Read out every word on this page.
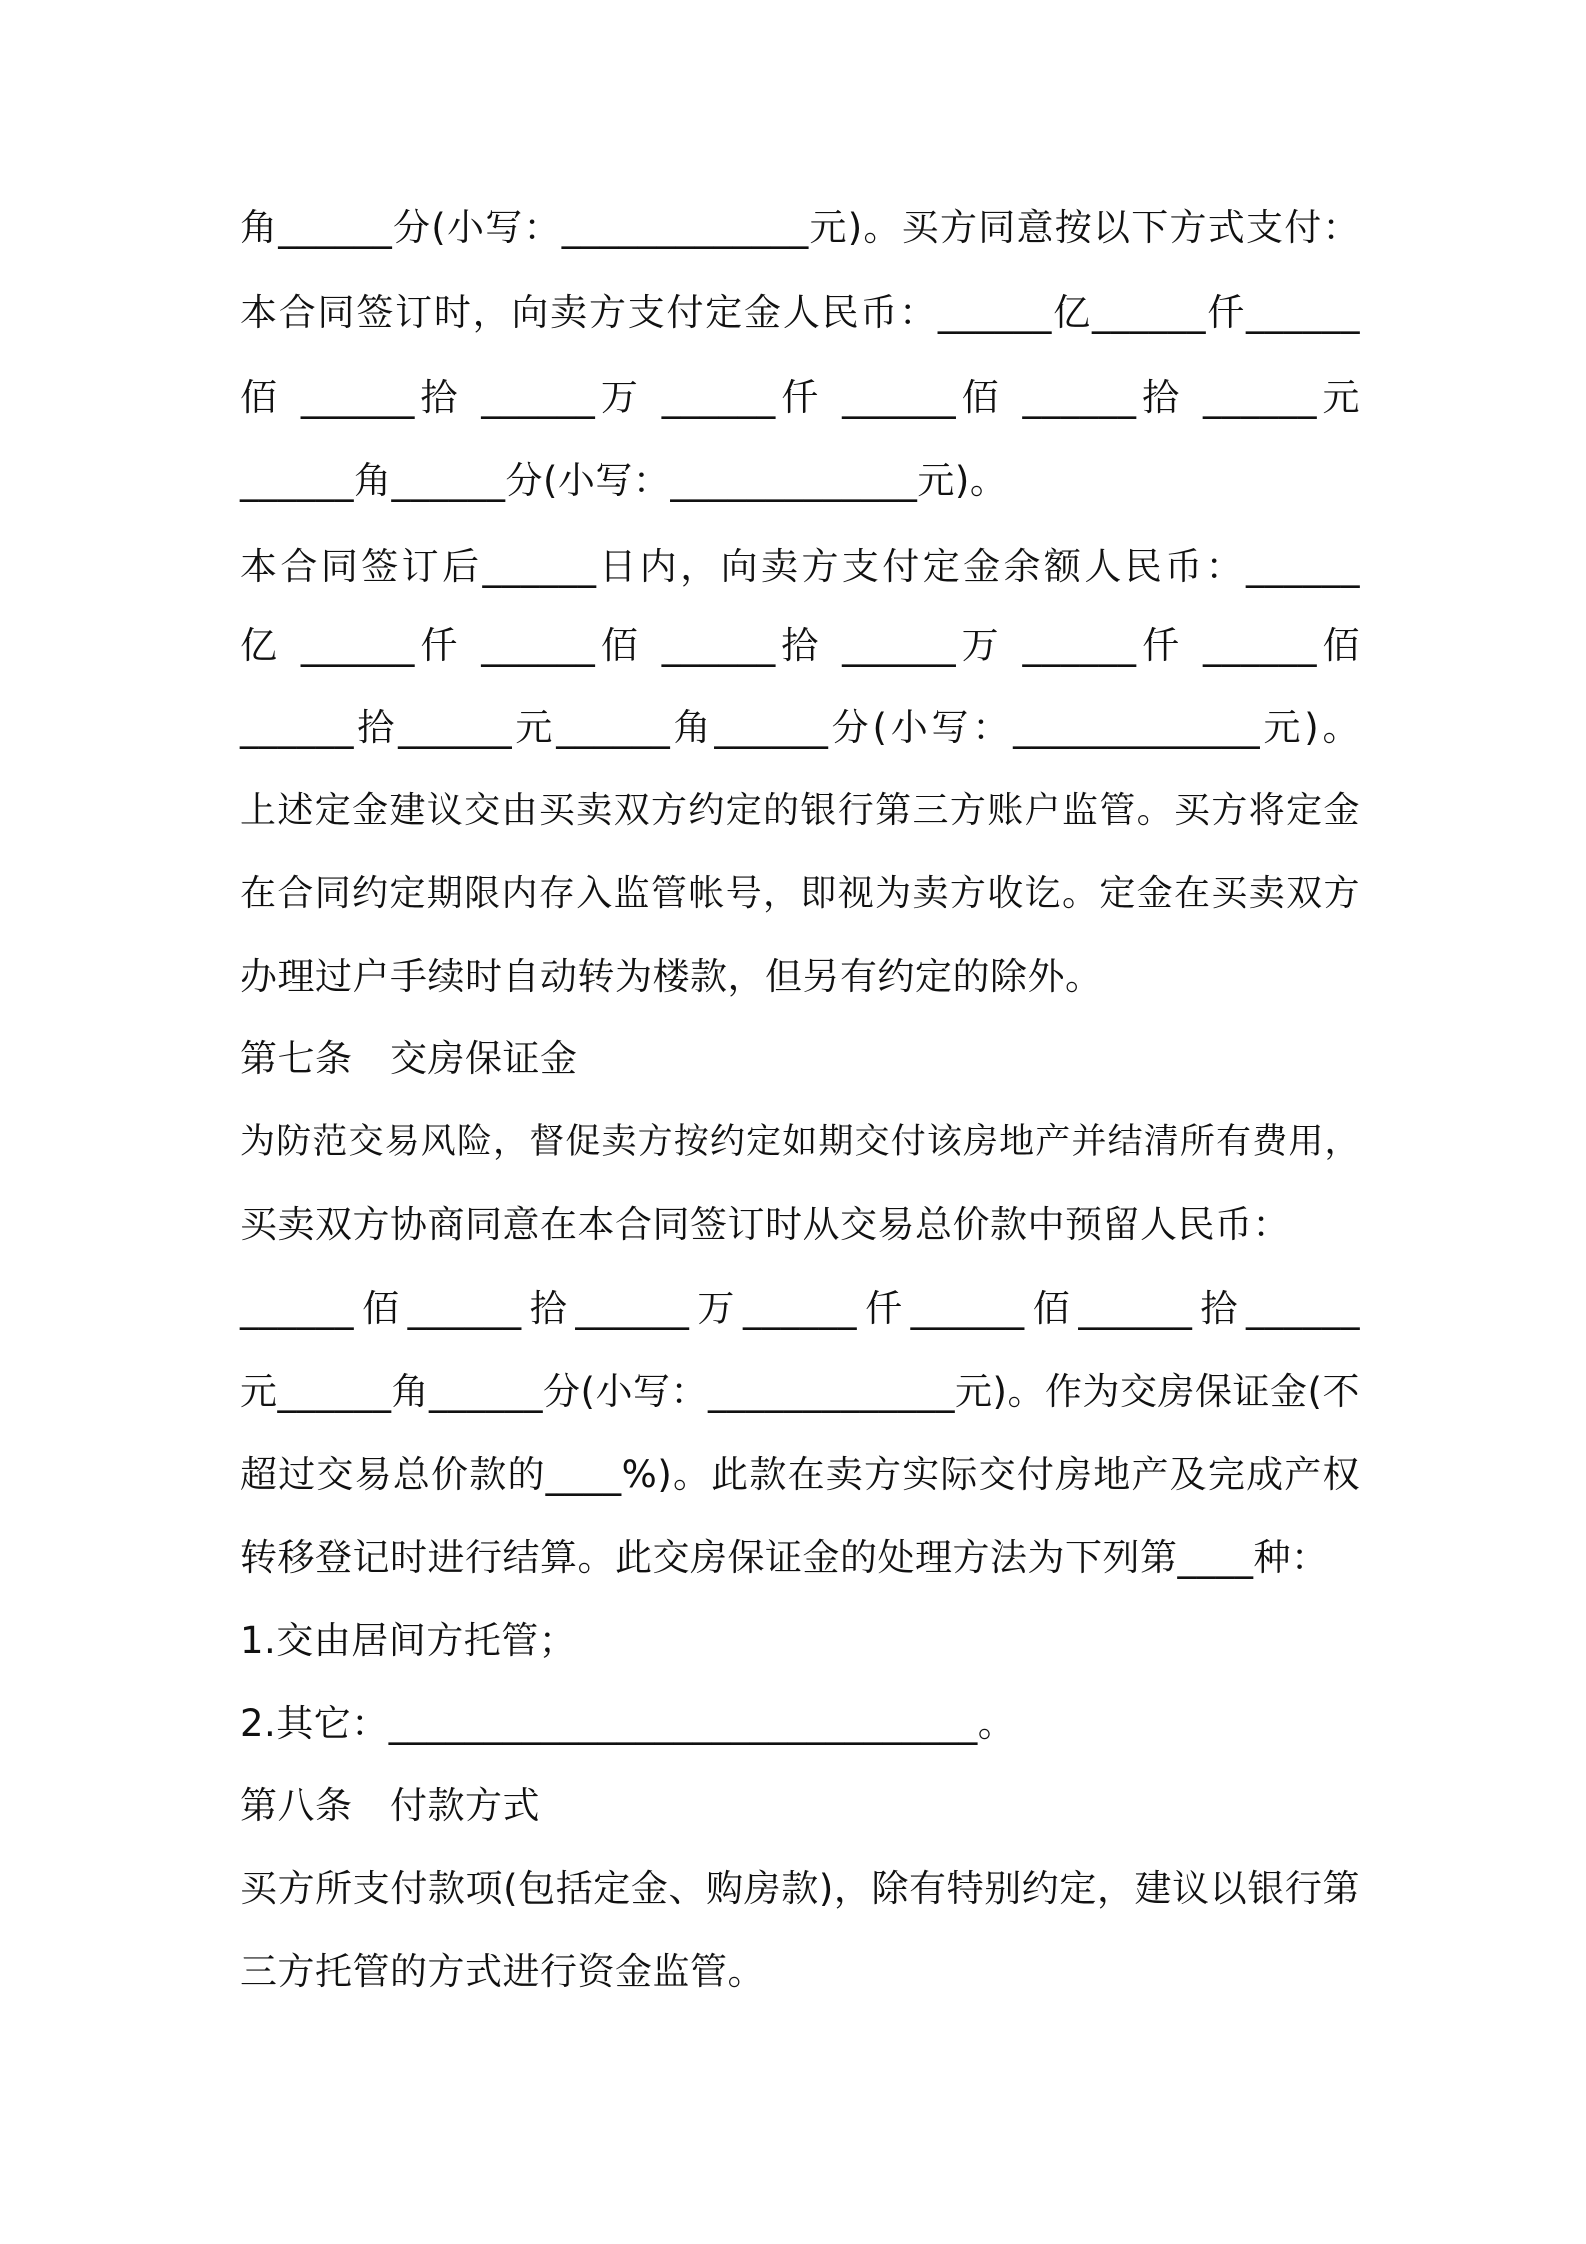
角______分(小写：_____________元)。买方同意按以下方式支付：
本合同签订时，向卖方支付定金人民币：______亿______仟______
佰 ______拾 ______万 ______仟 ______佰 ______拾 ______元
______角______分(小写：_____________元)。
本合同签订后______日内，向卖方支付定金余额人民币：______
亿 ______仟 ______佰 ______拾 ______万 ______仟 ______佰
______拾______元______角______分(小写：_____________元)。
上述定金建议交由买卖双方约定的银行第三方账户监管。买方将定金
在合同约定期限内存入监管帐号，即视为卖方收讫。定金在买卖双方
办理过户手续时自动转为楼款，但另有约定的除外。
第七条　交房保证金
为防范交易风险，督促卖方按约定如期交付该房地产并结清所有费用，
买卖双方协商同意在本合同签订时从交易总价款中预留人民币：
______佰______拾______万______仟______佰______拾______
元______角______分(小写：_____________元)。作为交房保证金(不
超过交易总价款的____%)。此款在卖方实际交付房地产及完成产权
转移登记时进行结算。此交房保证金的处理方法为下列第____种：
1.交由居间方托管；
2.其它：_______________________________。
第八条　付款方式
买方所支付款项(包括定金、购房款)，除有特别约定，建议以银行第
三方托管的方式进行资金监管。
